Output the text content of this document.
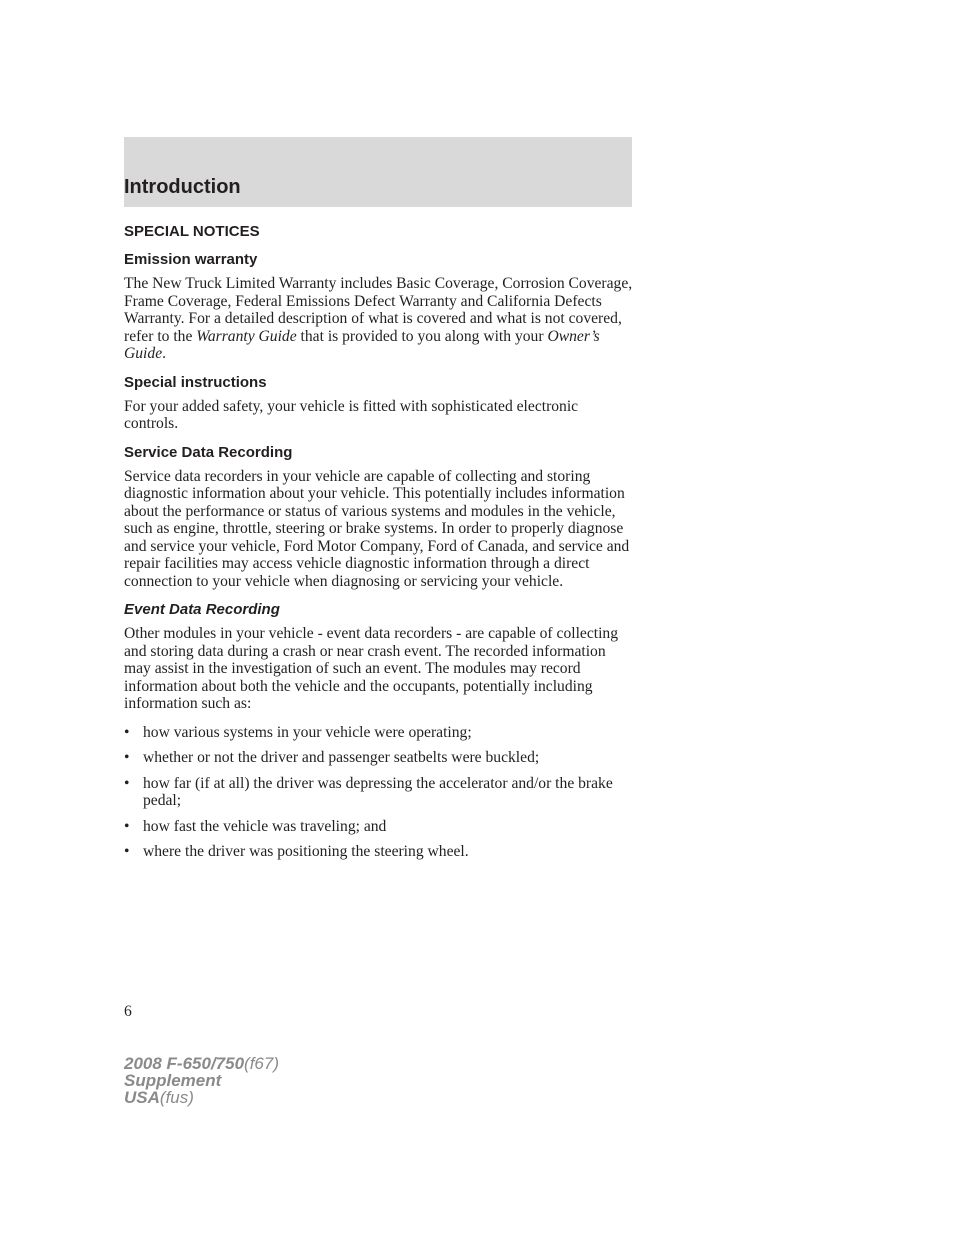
Introduction
SPECIAL NOTICES
Emission warranty

The New Truck Limited Warranty includes Basic Coverage, Corrosion Coverage, Frame Coverage, Federal Emissions Defect Warranty and California Defects Warranty. For a detailed description of what is covered and what is not covered, refer to the Warranty Guide that is provided to you along with your Owner’s Guide.

Special instructions

For your added safety, your vehicle is fitted with sophisticated electronic controls.

Service Data Recording

Service data recorders in your vehicle are capable of collecting and storing diagnostic information about your vehicle. This potentially includes information about the performance or status of various systems and modules in the vehicle, such as engine, throttle, steering or brake systems. In order to properly diagnose and service your vehicle, Ford Motor Company, Ford of Canada, and service and repair facilities may access vehicle diagnostic information through a direct connection to your vehicle when diagnosing or servicing your vehicle.

Event Data Recording

Other modules in your vehicle - event data recorders - are capable of collecting and storing data during a crash or near crash event. The recorded information may assist in the investigation of such an event. The modules may record information about both the vehicle and the occupants, potentially including information such as:

• how various systems in your vehicle were operating;
• whether or not the driver and passenger seatbelts were buckled;
• how far (if at all) the driver was depressing the accelerator and/or the brake pedal;
• how fast the vehicle was traveling; and
• where the driver was positioning the steering wheel.
6
2008 F-650/750(f67)
Supplement
USA(fus)
